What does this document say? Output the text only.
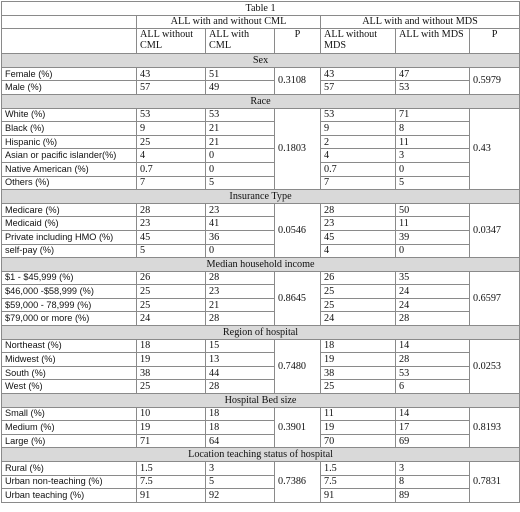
Table 1						
	ALL with and without CML			ALL with and without MDS		
	ALL without CML	ALL with CML	P	ALL without MDS	ALL with MDS	P
Sex						
Female (%)	43	51	0.3108	43	47	0.5979
Male (%)	57	49		57	53	
Race						
White (%)	53	53	0.1803	53	71	0.43
Black (%)	9	21		9	8	
Hispanic (%)	25	21		2	11	
Asian or pacific islander(%)	4	0		4	3	
Native American (%)	0.7	0		0.7	0	
Others (%)	7	5		7	5	
Insurance Type						
Medicare (%)	28	23	0.0546	28	50	0.0347
Medicaid (%)	23	41		23	11	
Private including HMO (%)	45	36		45	39	
self-pay (%)	5	0		4	0	
Median household income						
$1 - $45,999 (%)	26	28	0.8645	26	35	0.6597
$46,000 -$58,999 (%)	25	23		25	24	
$59,000 - 78,999 (%)	25	21		25	24	
$79,000 or more (%)	24	28		24	28	
Region of hospital						
Northeast (%)	18	15	0.7480	18	14	0.0253
Midwest (%)	19	13		19	28	
South (%)	38	44		38	53	
West (%)	25	28		25	6	
Hospital Bed size						
Small (%)	10	18	0.3901	11	14	0.8193
Medium (%)	19	18		19	17	
Large (%)	71	64		70	69	
Location teaching status of hospital						
Rural (%)	1.5	3	0.7386	1.5	3	0.7831
Urban non-teaching (%)	7.5	5		7.5	8	
Urban teaching (%)	91	92		91	89	
